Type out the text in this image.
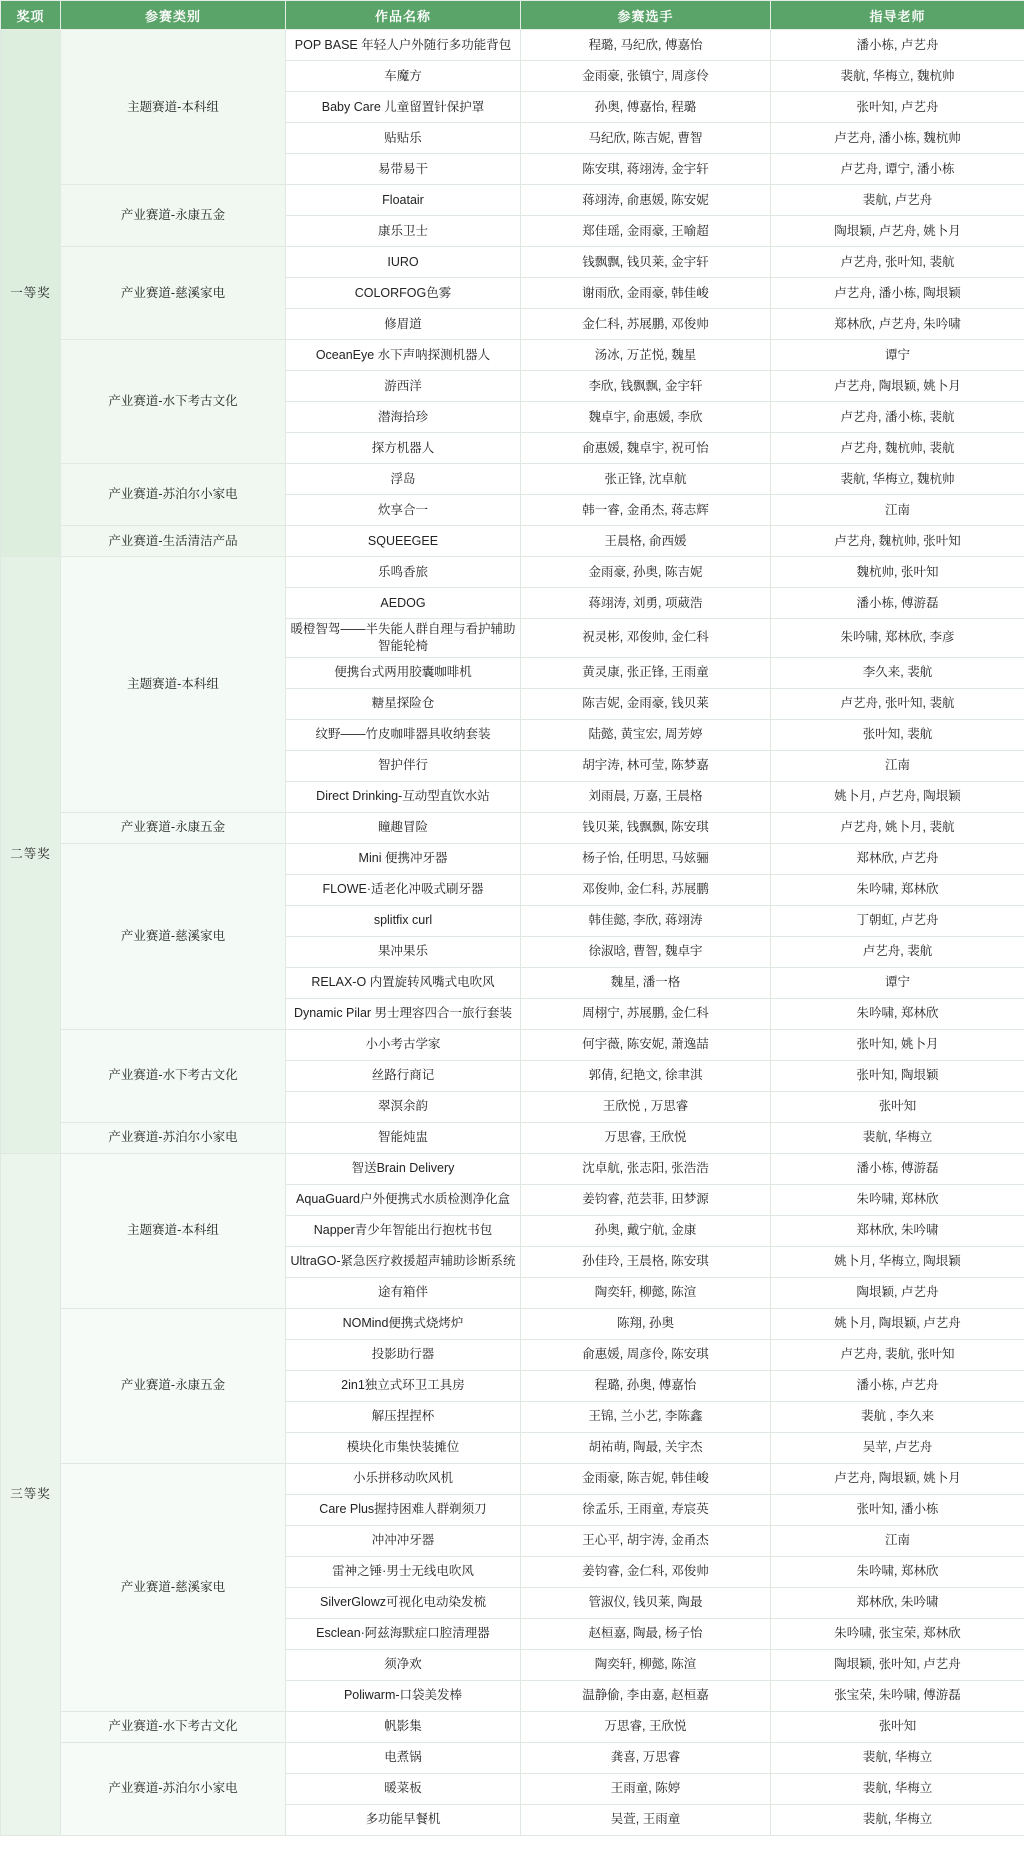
奖项	参赛类别	作品名称	参赛选手	指导老师
一等奖	主题赛道-本科组	POP BASE 年轻人户外随行多功能背包	程璐, 马纪欣, 傅嘉怡	潘小栋, 卢艺舟
		车魔方	金雨豪, 张镇宁, 周彦伶	裴航, 华梅立, 魏杭帅
		Baby Care 儿童留置针保护罩	孙奥, 傅嘉怡, 程璐	张叶知, 卢艺舟
		贴贴乐	马纪欣, 陈吉妮, 曹智	卢艺舟, 潘小栋, 魏杭帅
		易带易干	陈安琪, 蒋翊涛, 金宇轩	卢艺舟, 谭宁, 潘小栋
	产业赛道-永康五金	Floatair	蒋翊涛, 俞惠媛, 陈安妮	裴航, 卢艺舟
		康乐卫士	郑佳瑶, 金雨豪, 王喻超	陶垠颖, 卢艺舟, 姚卜月
	产业赛道-慈溪家电	IURO	钱飘飘, 钱贝莱, 金宇轩	卢艺舟, 张叶知, 裴航
		COLORFOG色雾	谢雨欣, 金雨豪, 韩佳峻	卢艺舟, 潘小栋, 陶垠颖
		修眉道	金仁科, 苏展鹏, 邓俊帅	郑林欣, 卢艺舟, 朱吟啸
	产业赛道-水下考古文化	OceanEye 水下声呐探测机器人	汤冰, 万芷悦, 魏星	谭宁
		游西洋	李欣, 钱飘飘, 金宇轩	卢艺舟, 陶垠颖, 姚卜月
		潜海拾珍	魏卓宇, 俞惠媛, 李欣	卢艺舟, 潘小栋, 裴航
		探方机器人	俞惠媛, 魏卓宇, 祝可怡	卢艺舟, 魏杭帅, 裴航
	产业赛道-苏泊尔小家电	浮岛	张正锋, 沈卓航	裴航, 华梅立, 魏杭帅
		炊享合一	韩一睿, 金甬杰, 蒋志辉	江南
	产业赛道-生活清洁产品	SQUEEGEE	王晨格, 俞西媛	卢艺舟, 魏杭帅, 张叶知
二等奖	主题赛道-本科组	乐鸣香旅	金雨豪, 孙奥, 陈吉妮	魏杭帅, 张叶知
		AEDOG	蒋翊涛, 刘勇, 项葳浩	潘小栋, 傅游磊
		暖橙智驾——半失能人群自理与看护辅助智能轮椅	祝灵彬, 邓俊帅, 金仁科	朱吟啸, 郑林欣, 李彦
		便携台式两用胶囊咖啡机	黄灵康, 张正锋, 王雨童	李久来, 裴航
		糖星探险仓	陈吉妮, 金雨豪, 钱贝莱	卢艺舟, 张叶知, 裴航
		纹野——竹皮咖啡器具收纳套装	陆懿, 黄宝宏, 周芳婷	张叶知, 裴航
		智护伴行	胡宇涛, 林可莹, 陈梦嘉	江南
		Direct Drinking-互动型直饮水站	刘雨晨, 万嘉, 王晨格	姚卜月, 卢艺舟, 陶垠颖
	产业赛道-永康五金	瞳趣冒险	钱贝莱, 钱飘飘, 陈安琪	卢艺舟, 姚卜月, 裴航
	产业赛道-慈溪家电	Mini 便携冲牙器	杨子怡, 任明思, 马妶骊	郑林欣, 卢艺舟
		FLOWE·适老化冲吸式刷牙器	邓俊帅, 金仁科, 苏展鹏	朱吟啸, 郑林欣
		splitfix curl	韩佳懿, 李欣, 蒋翊涛	丁朝虹, 卢艺舟
		果冲果乐	徐淑晗, 曹智, 魏卓宇	卢艺舟, 裴航
		RELAX-O 内置旋转风嘴式电吹风	魏星, 潘一格	谭宁
		Dynamic Pilar 男士理容四合一旅行套装	周栩宁, 苏展鹏, 金仁科	朱吟啸, 郑林欣
	产业赛道-水下考古文化	小小考古学家	何宇薇, 陈安妮, 萧逸喆	张叶知, 姚卜月
		丝路行商记	郭倩, 纪艳文, 徐聿淇	张叶知, 陶垠颖
		翠溟余韵	王欣悦 , 万思睿	张叶知
	产业赛道-苏泊尔小家电	智能炖盅	万思睿, 王欣悦	裴航, 华梅立
三等奖	主题赛道-本科组	智送Brain Delivery	沈卓航, 张志阳, 张浩浩	潘小栋, 傅游磊
		AquaGuard户外便携式水质检测净化盒	姜钧睿, 范芸菲, 田梦源	朱吟啸, 郑林欣
		Napper青少年智能出行抱枕书包	孙奥, 戴宁航, 金康	郑林欣, 朱吟啸
		UltraGO-紧急医疗救援超声辅助诊断系统	孙佳玲, 王晨格, 陈安琪	姚卜月, 华梅立, 陶垠颖
		途有箱伴	陶奕轩, 柳懿, 陈渲	陶垠颖, 卢艺舟
	产业赛道-永康五金	NOMind便携式烧烤炉	陈翔, 孙奥	姚卜月, 陶垠颖, 卢艺舟
		投影助行器	俞惠媛, 周彦伶, 陈安琪	卢艺舟, 裴航, 张叶知
		2in1独立式环卫工具房	程璐, 孙奥, 傅嘉怡	潘小栋, 卢艺舟
		解压捏捏杯	王锦, 兰小艺, 李陈鑫	裴航 , 李久来
		模块化市集快装摊位	胡祐萌, 陶最, 关宇杰	吴苹, 卢艺舟
	产业赛道-慈溪家电	小乐拼移动吹风机	金雨豪, 陈吉妮, 韩佳峻	卢艺舟, 陶垠颖, 姚卜月
		Care Plus握持困难人群剃须刀	徐孟乐, 王雨童, 寿宸英	张叶知, 潘小栋
		冲冲冲牙器	王心平, 胡宇涛, 金甬杰	江南
		雷神之锤·男士无线电吹风	姜钧睿, 金仁科, 邓俊帅	朱吟啸, 郑林欣
		SilverGlowz可视化电动染发梳	管淑仪, 钱贝莱, 陶最	郑林欣, 朱吟啸
		Esclean·阿兹海默症口腔清理器	赵桓嘉, 陶最, 杨子怡	朱吟啸, 张宝荣, 郑林欣
		须净欢	陶奕轩, 柳懿, 陈渲	陶垠颖, 张叶知, 卢艺舟
		Poliwarm-口袋美发棒	温静偷, 李由嘉, 赵桓嘉	张宝荣, 朱吟啸, 傅游磊
	产业赛道-水下考古文化	帆影集	万思睿, 王欣悦	张叶知
	产业赛道-苏泊尔小家电	电煮锅	龚喜, 万思睿	裴航, 华梅立
		暖菜板	王雨童, 陈婷	裴航, 华梅立
		多功能早餐机	吴萱, 王雨童	裴航, 华梅立
